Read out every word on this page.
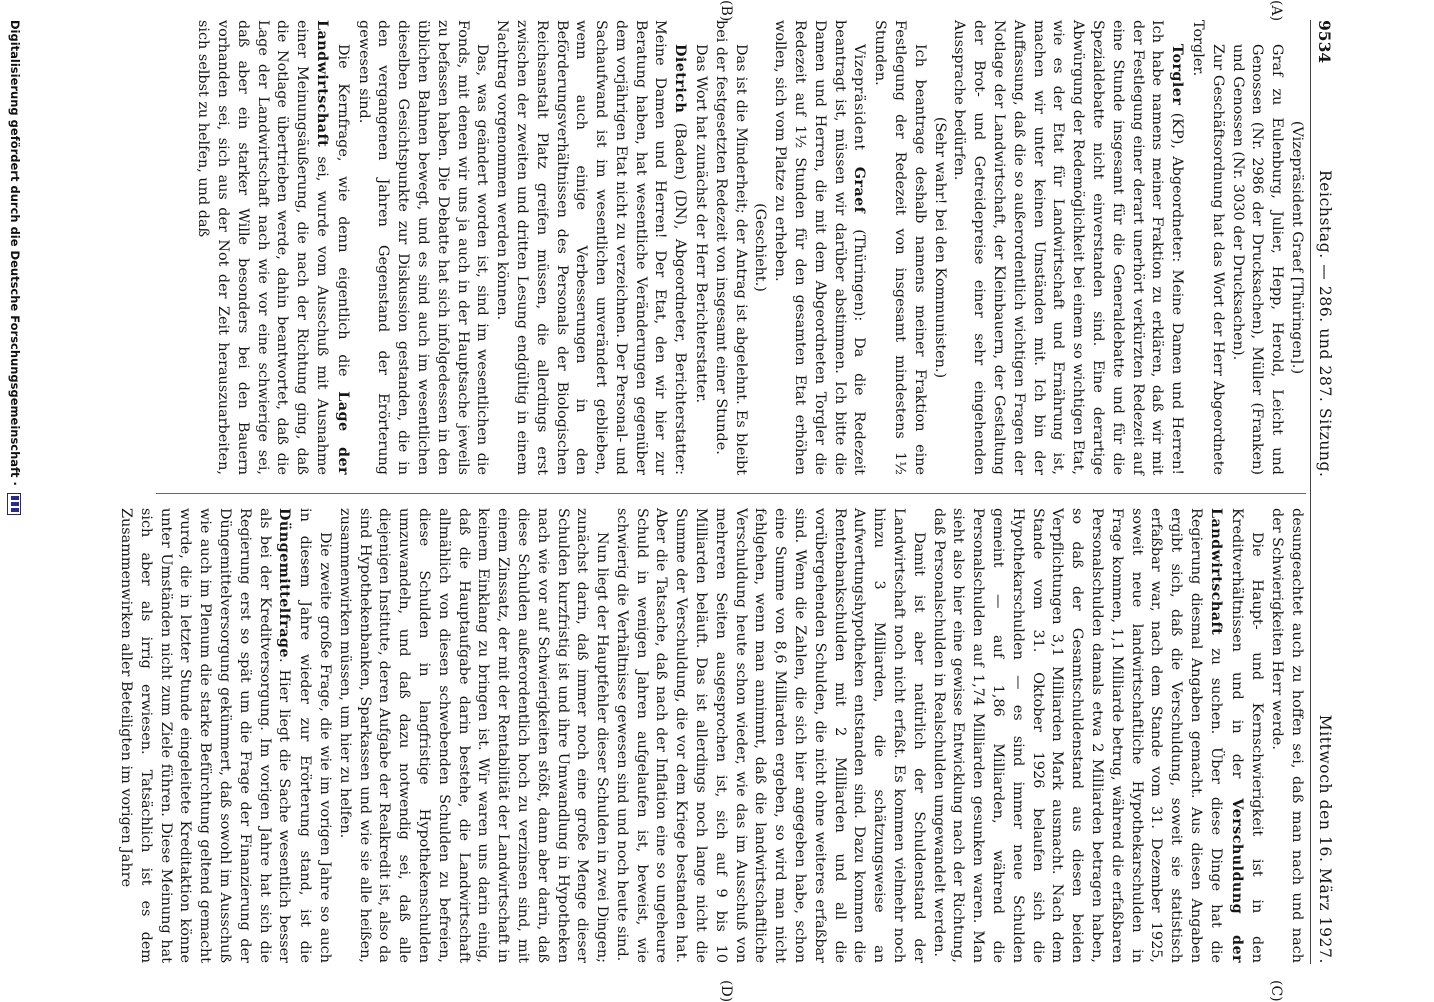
9534
Reichstag. — 286. und 287. Sitzung.
Mittwoch den 16. März 1927.
(A)
(B)
(C)
(D)

(Vizepräsident Graef [Thüringen].)

Graf zu Eulenburg, Julier, Hepp, Herold, Leicht und Genossen (Nr. 2986 der Drucksachen), Müller (Franken) und Genossen (Nr. 3030 der Drucksachen).

Zur Geschäftsordnung hat das Wort der Herr Abgeordnete Torgler.

Torgler (KP), Abgeordneter: Meine Damen und Herren! Ich habe namens meiner Fraktion zu erklären, daß wir mit der Festlegung einer derart unerhört verkürzten Redezeit auf eine Stunde insgesamt für die Generaldebatte und für die Spezialdebatte nicht einverstanden sind. Eine derartige Abwürgung der Redemöglichkeit bei einem so wichtigen Etat, wie es der Etat für Landwirtschaft und Ernährung ist, machen wir unter keinen Umständen mit. Ich bin der Auffassung, daß die so außerordentlich wichtigen Fragen der Notlage der Landwirtschaft, der Kleinbauern, der Gestaltung der Brot- und Getreidepreise einer sehr eingehenden Aussprache bedürfen.

(Sehr wahr! bei den Kommunisten.)

Ich beantrage deshalb namens meiner Fraktion eine Festlegung der Redezeit von insgesamt mindestens 1½ Stunden.

Vizepräsident Graef (Thüringen): Da die Redezeit beantragt ist, müssen wir darüber abstimmen. Ich bitte die Damen und Herren, die mit dem Abgeordneten Torgler die Redezeit auf 1½ Stunden für den gesamten Etat erhöhen wollen, sich vom Platze zu erheben.

(Geschieht.)

Das ist die Minderheit; der Antrag ist abgelehnt. Es bleibt bei der festgesetzten Redezeit von insgesamt einer Stunde.

Das Wort hat zunächst der Herr Berichterstatter.

Dietrich (Baden) (DN), Abgeordneter, Berichterstatter: Meine Damen und Herren! Der Etat, den wir hier zur Beratung haben, hat wesentliche Veränderungen gegenüber dem vorjährigen Etat nicht zu verzeichnen. Der Personal- und Sachaufwand ist im wesentlichen unverändert geblieben, wenn auch einige Verbesserungen in den Beförderungsverhältnissen des Personals der Biologischen Reichsanstalt Platz greifen müssen, die allerdings erst zwischen der zweiten und dritten Lesung endgültig in einem Nachtrag vorgenommen werden können.

Das, was geändert worden ist, sind im wesentlichen die Fonds, mit denen wir uns ja auch in der Hauptsache jeweils zu befassen haben. Die Debatte hat sich infolgedessen in den üblichen Bahnen bewegt, und es sind auch im wesentlichen dieselben Gesichtspunkte zur Diskussion gestanden, die in den vergangenen Jahren Gegenstand der Erörterung gewesen sind.

Die Kernfrage, wie denn eigentlich die Lage der Landwirtschaft sei, wurde vom Ausschuß mit Ausnahme einer Meinungsäußerung, die nach der Richtung ging, daß die Notlage übertrieben werde, dahin beantwortet, daß die Lage der Landwirtschaft nach wie vor eine schwierige sei, daß aber ein starker Wille besonders bei den Bauern vorhanden sei, sich aus der Not der Zeit herauszuarbeiten, sich selbst zu helfen, und daß

desungeachtet auch zu hoffen sei, daß man nach und nach der Schwierigkeiten Herr werde.

Die Haupt- und Kernschwierigkeit ist in den Kreditverhältnissen und in der Verschuldung der Landwirtschaft zu suchen. Über diese Dinge hat die Regierung diesmal Angaben gemacht. Aus diesen Angaben ergibt sich, daß die Verschuldung, soweit sie statistisch erfaßbar war, nach dem Stande vom 31. Dezember 1925, soweit neue landwirtschaftliche Hypothekarschulden in Frage kommen, 1,1 Milliarde betrug, während die erfaßbaren Personalschulden damals etwa 2 Milliarden betragen haben, so daß der Gesamtschuldenstand aus diesen beiden Verpflichtungen 3,1 Milliarden Mark ausmacht. Nach dem Stande vom 31. Oktober 1926 belaufen sich die Hypothekarschulden — es sind immer neue Schulden gemeint — auf 1,86 Milliarden, während die Personalschulden auf 1,74 Milliarden gesunken waren. Man sieht also hier eine gewisse Entwicklung nach der Richtung, daß Personalschulden in Realschulden umgewandelt werden.

Damit ist aber natürlich der Schuldenstand der Landwirtschaft noch nicht erfaßt. Es kommen vielmehr noch hinzu 3 Milliarden, die schätzungsweise an Aufwertungshypotheken entstanden sind. Dazu kommen die Rentenbankschulden mit 2 Milliarden und all die vorübergehenden Schulden, die nicht ohne weiteres erfaßbar sind. Wenn die Zahlen, die sich hier angegeben habe, schon eine Summe von 8,6 Milliarden ergeben, so wird man nicht fehlgehen, wenn man annimmt, daß die landwirtschaftliche Verschuldung heute schon wieder, wie das im Ausschuß von mehreren Seiten ausgesprochen ist, sich auf 9 bis 10 Milliarden beläuft. Das ist allerdings noch lange nicht die Summe der Verschuldung, die vor dem Kriege bestanden hat. Aber die Tatsache, daß nach der Inflation eine so ungeheure Schuld in wenigen Jahren aufgelaufen ist, beweist, wie schwierig die Verhältnisse gewesen sind und noch heute sind.

Nun liegt der Hauptfehler dieser Schulden in zwei Dingen; zunächst darin, daß immer noch eine große Menge dieser Schulden kurzfristig ist und ihre Umwandlung in Hypotheken nach wie vor auf Schwierigkeiten stößt, dann aber darin, daß diese Schulden außerordentlich hoch zu verzinsen sind, mit einem Zinssatz, der mit der Rentabilität der Landwirtschaft in keinem Einklang zu bringen ist. Wir waren uns darin einig, daß die Hauptaufgabe darin bestehe, die Landwirtschaft allmählich von diesen schwebenden Schulden zu befreien, diese Schulden in langfristige Hypothekenschulden umzuwandeln, und daß dazu notwendig sei, daß alle diejenigen Institute, deren Aufgabe der Realkredit ist, also da sind Hypothekenbanken, Sparkassen und wie sie alle heißen, zusammenwirken müssen, um hier zu helfen.

Die zweite große Frage, die wie im vorigen Jahre so auch in diesem Jahre wieder zur Erörterung stand, ist die Düngemittelfrage. Hier liegt die Sache wesentlich besser als bei der Kreditversorgung. Im vorigen Jahre hat sich die Regierung erst so spät um die Frage der Finanzierung der Düngemittelversorgung gekümmert, daß sowohl im Ausschuß wie auch im Plenum die starke Befürchtung geltend gemacht wurde, die in letzter Stunde eingeleitete Kreditaktion könne unter Umständen nicht zum Ziele führen. Diese Meinung hat sich aber als irrig erwiesen. Tatsächlich ist es dem Zusammenwirken aller Beteiligten im vorigen Jahre

Digitalisierung gefördert durch die Deutsche Forschungsgemeinschaft ·
